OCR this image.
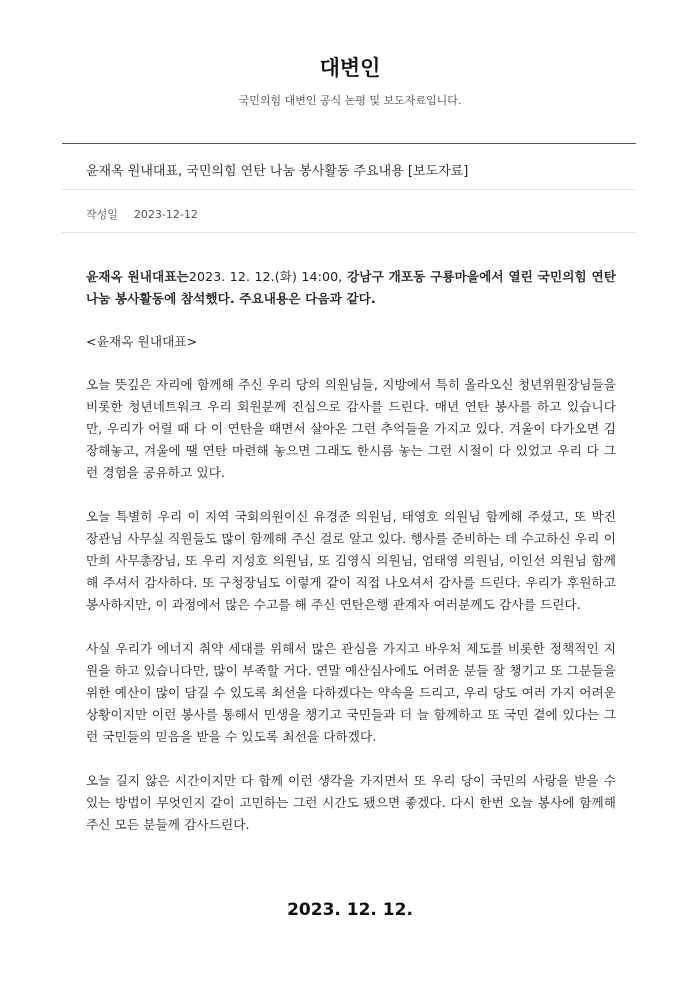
대변인
국민의힘 대변인 공식 논평 및 보도자료입니다.
윤재옥 원내대표, 국민의힘 연탄 나눔 봉사활동 주요내용 [보도자료]
작성일 2023-12-12

윤재옥 원내대표는2023. 12. 12.(화) 14:00, 강남구 개포동 구룡마을에서 열린 국민의힘 연탄 나눔 봉사활동에 참석했다. 주요내용은 다음과 같다.

<윤재옥 원내대표>

오늘 뜻깊은 자리에 함께해 주신 우리 당의 의원님들, 지방에서 특히 올라오신 청년위원장님들을 비롯한 청년네트워크 우리 회원분께 진심으로 감사를 드린다. 매년 연탄 봉사를 하고 있습니다만, 우리가 어릴 때 다 이 연탄을 때면서 살아온 그런 추억들을 가지고 있다. 겨울이 다가오면 김장해놓고, 겨울에 땔 연탄 마련해 놓으면 그래도 한시름 놓는 그런 시절이 다 있었고 우리 다 그런 경험을 공유하고 있다.

오늘 특별히 우리 이 지역 국회의원이신 유경준 의원님, 태영호 의원님 함께해 주셨고, 또 박진 장관님 사무실 직원들도 많이 함께해 주신 걸로 알고 있다. 행사를 준비하는 데 수고하신 우리 이만희 사무총장님, 또 우리 지성호 의원님, 또 김영식 의원님, 엄태영 의원님, 이인선 의원님 함께해 주셔서 감사하다. 또 구청장님도 이렇게 같이 직접 나오셔서 감사를 드린다. 우리가 후원하고 봉사하지만, 이 과정에서 많은 수고를 해 주신 연탄은행 관계자 여러분께도 감사를 드린다.

사실 우리가 에너지 취약 세대를 위해서 많은 관심을 가지고 바우처 제도를 비롯한 정책적인 지원을 하고 있습니다만, 많이 부족할 거다. 연말 예산심사에도 어려운 분들 잘 챙기고 또 그분들을 위한 예산이 많이 담길 수 있도록 최선을 다하겠다는 약속을 드리고, 우리 당도 여러 가지 어려운 상황이지만 이런 봉사를 통해서 민생을 챙기고 국민들과 더 늘 함께하고 또 국민 곁에 있다는 그런 국민들의 믿음을 받을 수 있도록 최선을 다하겠다.

오늘 길지 않은 시간이지만 다 함께 이런 생각을 가지면서 또 우리 당이 국민의 사랑을 받을 수 있는 방법이 무엇인지 같이 고민하는 그런 시간도 됐으면 좋겠다. 다시 한번 오늘 봉사에 함께해 주신 모든 분들께 감사드린다.

2023. 12. 12.
